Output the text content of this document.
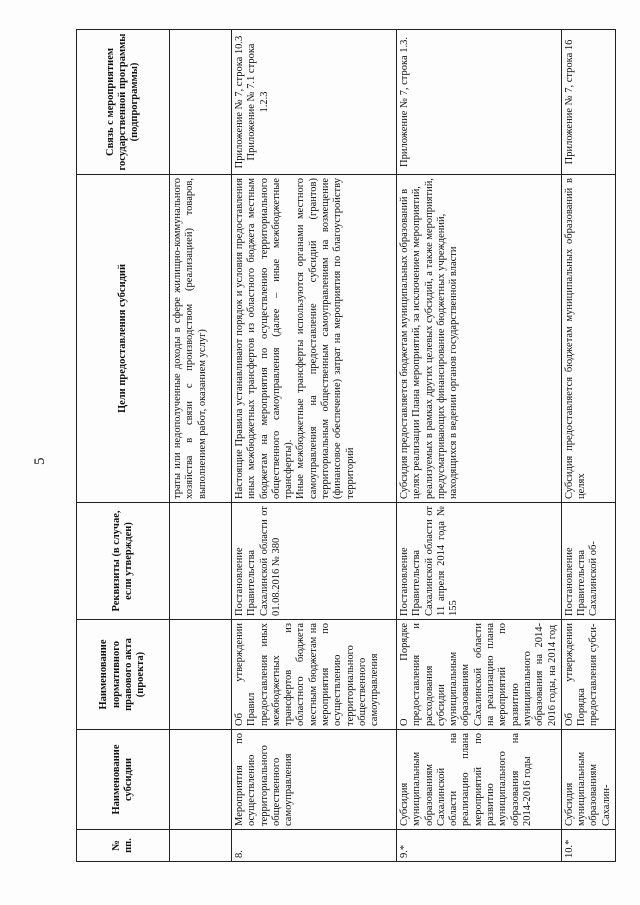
5
№ пп.	Наименование субсидии	Наименование нормативного правового акта (проекта)	Реквизиты (в случае, если утвержден)	Цели предоставления субсидий	Связь с мероприятием государственной программы (подпрограммы)
				траты или недополученные доходы в сфере жилищно-коммунального хозяйства в связи с производством (реализацией) товаров, выполнением работ, оказанием услуг)	
8.	Мероприятия по осуществлению территориального общественного самоуправления	Об утверждении Правил предоставления иных межбюджетных трансфертов из областного бюджета местным бюджетам на мероприятия по осуществлению территориального общественного самоуправления	Постановление Правительства Сахалинской области от 01.08.2016 № 380	Настоящие Правила устанавливают порядок и условия предоставления иных межбюджетных трансфертов из областного бюджета местным бюджетам на мероприятия по осуществлению территориального общественного самоуправления (далее – иные межбюджетные трансферты). Иные межбюджетные трансферты используются органами местного самоуправления на предоставление субсидий (грантов) территориальным общественным самоуправлениям на возмещение (финансовое обеспечение) затрат на мероприятия по благоустройству территорий	Приложение № 7, строка 10.3 Приложение № 7.1 строка 1.2.3

9.*	Субсидия муниципальным образованиям Сахалинской области на реализацию плана мероприятий по развитию муниципального образования на 2014-2016 годы	О Порядке предоставления и расходования субсидии муниципальным образованиям Сахалинской области на реализацию плана мероприятий по развитию муниципального образования на 2014-2016 годы, на 2014 год	Постановление Правительства Сахалинской области от 11 апреля 2014 года № 155	Субсидия предоставляется бюджетам муниципальных образований в целях реализации Плана мероприятий, за исключением мероприятий, реализуемых в рамках других целевых субсидий, а также мероприятий, предусматривающих финансирование бюджетных учреждений, находящихся в ведении органов государственной власти	Приложение № 7, строка 1.3.
10.*	Субсидия муниципальным образованиям Сахалин-	Об утверждении Порядка предоставления субси-	Постановление Правительства Сахалинской об-	Субсидия предоставляется бюджетам муниципальных образований в целях	Приложение № 7, строка 16
